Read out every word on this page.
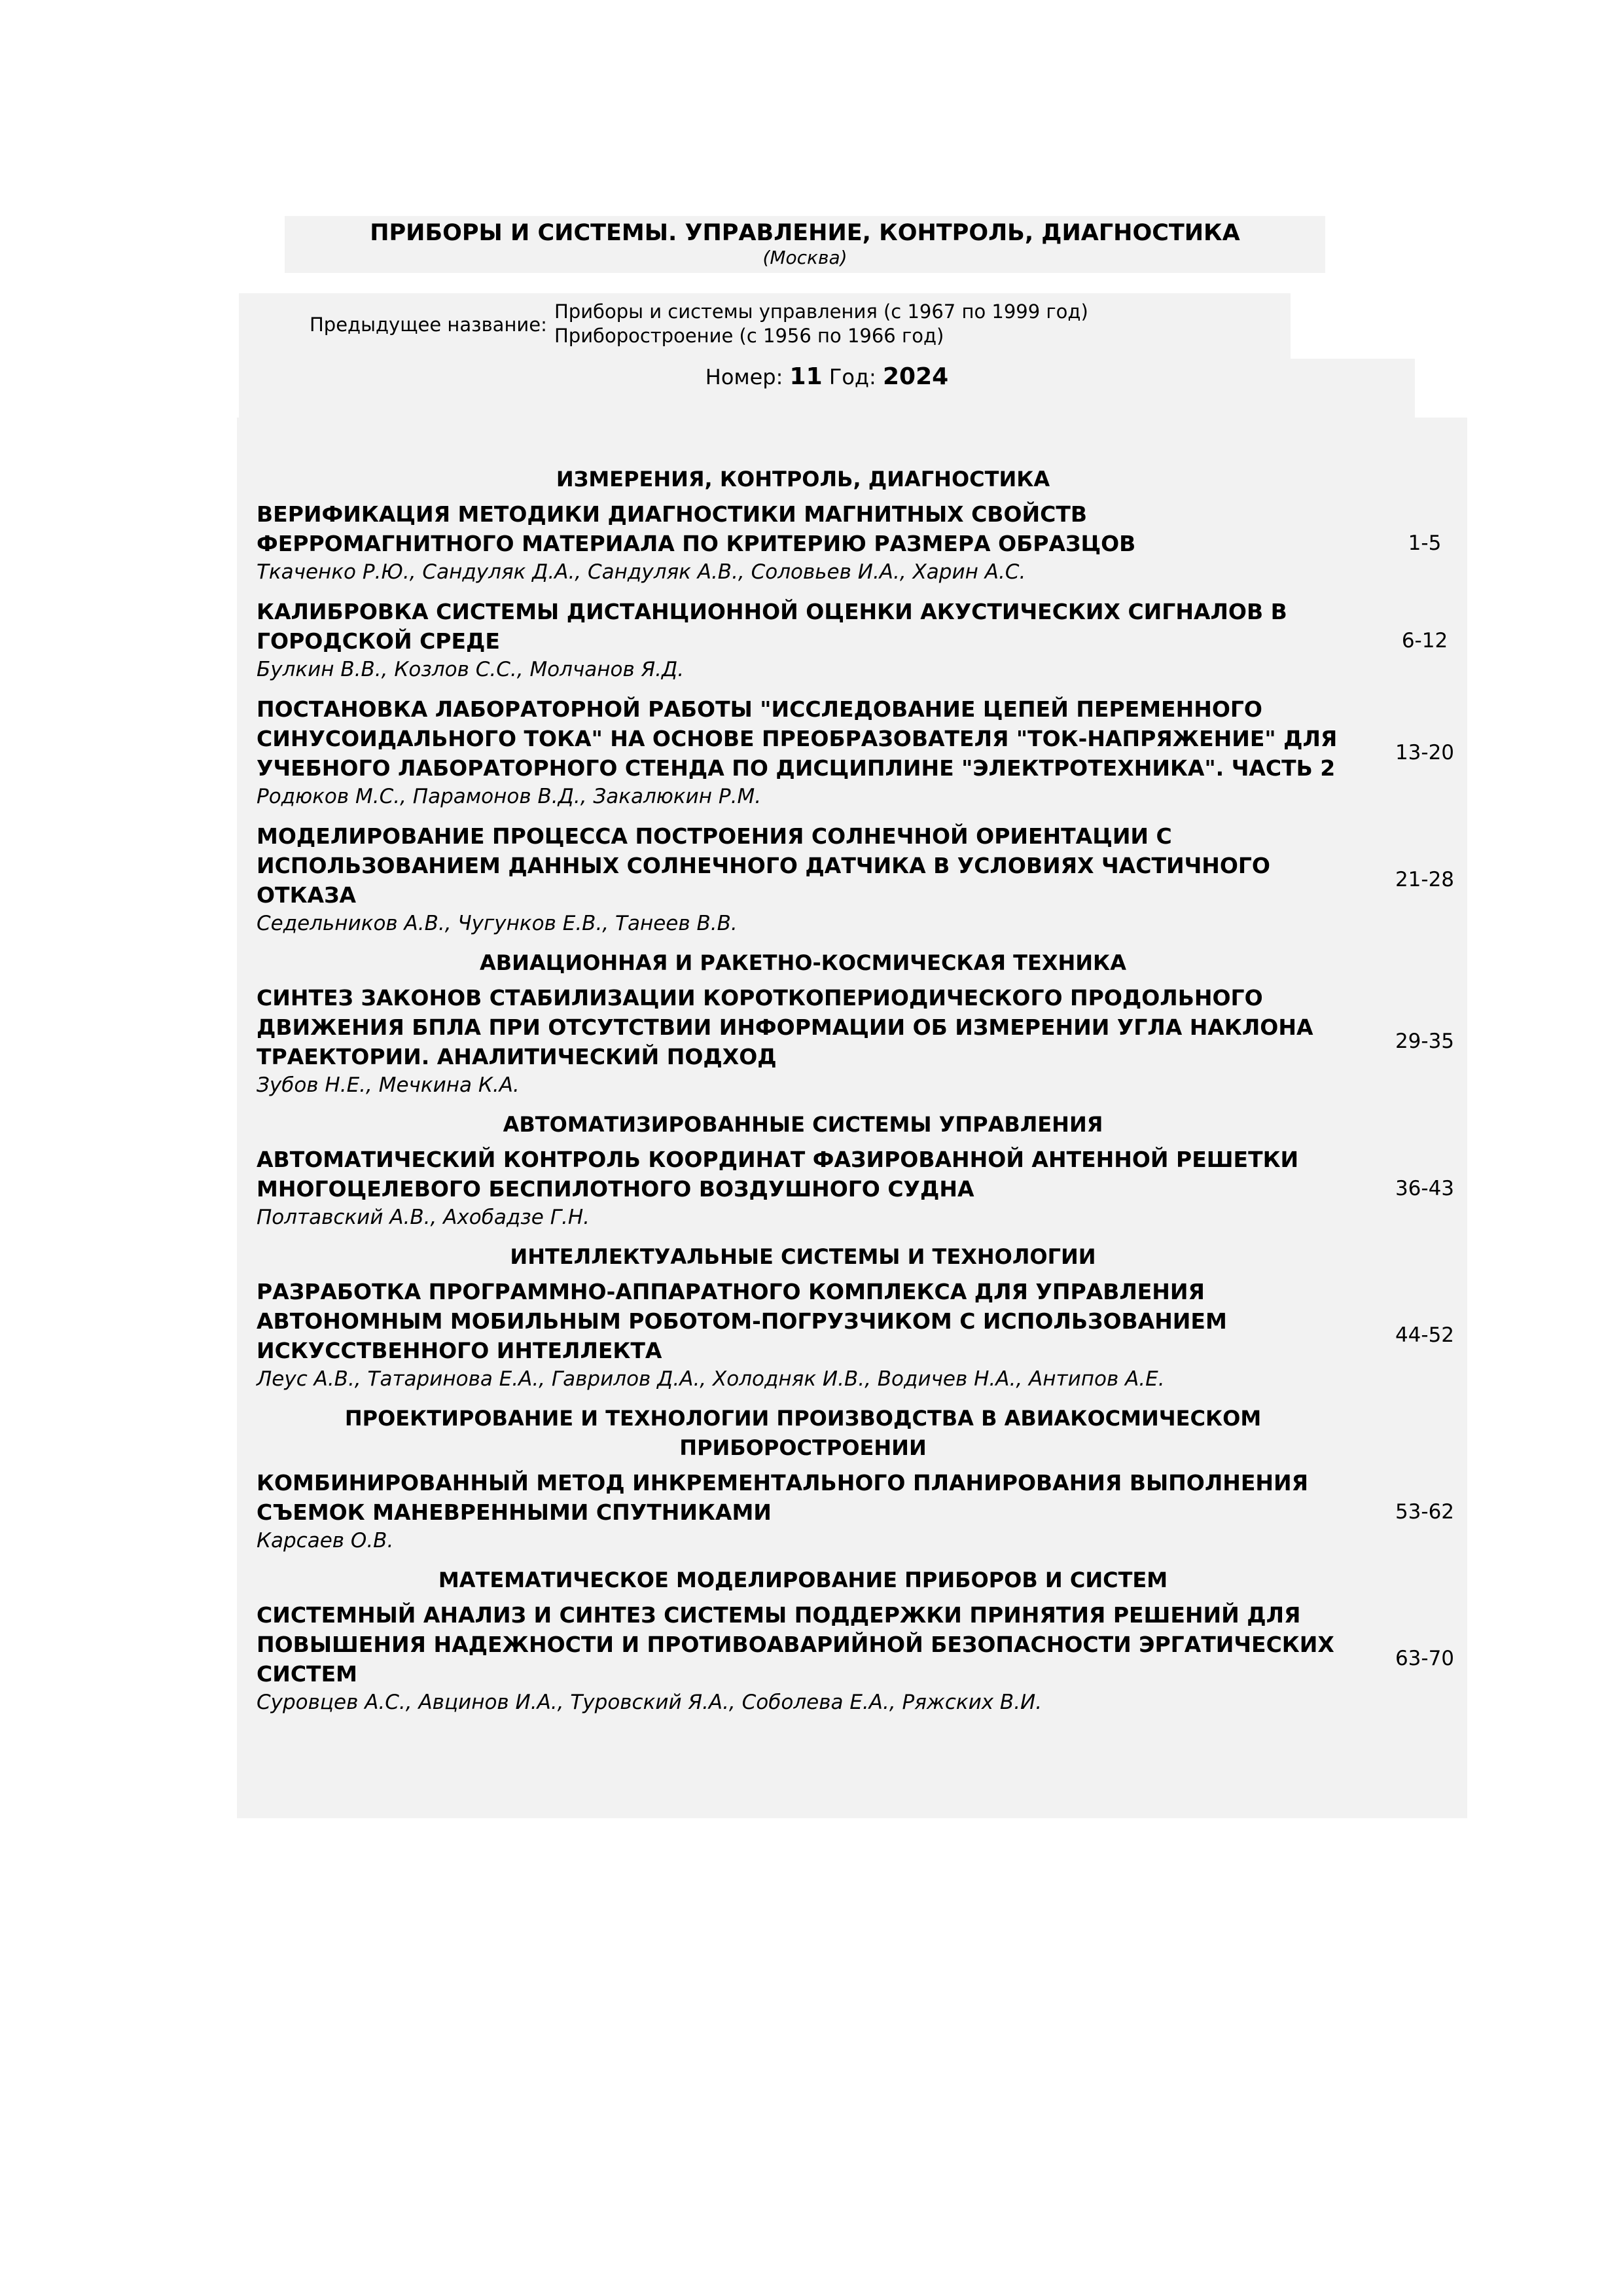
ПРИБОРЫ И СИСТЕМЫ. УПРАВЛЕНИЕ, КОНТРОЛЬ, ДИАГНОСТИКА
(Москва)
Предыдущее название:
Приборы и системы управления (с 1967 по 1999 год)
Приборостроение (с 1956 по 1966 год)
Номер: 11 Год: 2024
ИЗМЕРЕНИЯ, КОНТРОЛЬ, ДИАГНОСТИКА
ВЕРИФИКАЦИЯ МЕТОДИКИ ДИАГНОСТИКИ МАГНИТНЫХ СВОЙСТВ ФЕРРОМАГНИТНОГО МАТЕРИАЛА ПО КРИТЕРИЮ РАЗМЕРА ОБРАЗЦОВ
Ткаченко Р.Ю., Сандуляк Д.А., Сандуляк А.В., Соловьев И.А., Харин А.С.
1-5
КАЛИБРОВКА СИСТЕМЫ ДИСТАНЦИОННОЙ ОЦЕНКИ АКУСТИЧЕСКИХ СИГНАЛОВ В ГОРОДСКОЙ СРЕДЕ
Булкин В.В., Козлов С.С., Молчанов Я.Д.
6-12
ПОСТАНОВКА ЛАБОРАТОРНОЙ РАБОТЫ "ИССЛЕДОВАНИЕ ЦЕПЕЙ ПЕРЕМЕННОГО СИНУСОИДАЛЬНОГО ТОКА" НА ОСНОВЕ ПРЕОБРАЗОВАТЕЛЯ "ТОК-НАПРЯЖЕНИЕ" ДЛЯ УЧЕБНОГО ЛАБОРАТОРНОГО СТЕНДА ПО ДИСЦИПЛИНЕ "ЭЛЕКТРОТЕХНИКА". ЧАСТЬ 2
Родюков М.С., Парамонов В.Д., Закалюкин Р.М.
13-20
МОДЕЛИРОВАНИЕ ПРОЦЕССА ПОСТРОЕНИЯ СОЛНЕЧНОЙ ОРИЕНТАЦИИ С ИСПОЛЬЗОВАНИЕМ ДАННЫХ СОЛНЕЧНОГО ДАТЧИКА В УСЛОВИЯХ ЧАСТИЧНОГО ОТКАЗА
Седельников А.В., Чугунков Е.В., Танеев В.В.
21-28
АВИАЦИОННАЯ И РАКЕТНО-КОСМИЧЕСКАЯ ТЕХНИКА
СИНТЕЗ ЗАКОНОВ СТАБИЛИЗАЦИИ КОРОТКОПЕРИОДИЧЕСКОГО ПРОДОЛЬНОГО ДВИЖЕНИЯ БПЛА ПРИ ОТСУТСТВИИ ИНФОРМАЦИИ ОБ ИЗМЕРЕНИИ УГЛА НАКЛОНА ТРАЕКТОРИИ. АНАЛИТИЧЕСКИЙ ПОДХОД
Зубов Н.Е., Мечкина К.А.
29-35
АВТОМАТИЗИРОВАННЫЕ СИСТЕМЫ УПРАВЛЕНИЯ
АВТОМАТИЧЕСКИЙ КОНТРОЛЬ КООРДИНАТ ФАЗИРОВАННОЙ АНТЕННОЙ РЕШЕТКИ МНОГОЦЕЛЕВОГО БЕСПИЛОТНОГО ВОЗДУШНОГО СУДНА
Полтавский А.В., Ахобадзе Г.Н.
36-43
ИНТЕЛЛЕКТУАЛЬНЫЕ СИСТЕМЫ И ТЕХНОЛОГИИ
РАЗРАБОТКА ПРОГРАММНО-АППАРАТНОГО КОМПЛЕКСА ДЛЯ УПРАВЛЕНИЯ АВТОНОМНЫМ МОБИЛЬНЫМ РОБОТОМ-ПОГРУЗЧИКОМ С ИСПОЛЬЗОВАНИЕМ ИСКУССТВЕННОГО ИНТЕЛЛЕКТА
Леус А.В., Татаринова Е.А., Гаврилов Д.А., Холодняк И.В., Водичев Н.А., Антипов А.Е.
44-52
ПРОЕКТИРОВАНИЕ И ТЕХНОЛОГИИ ПРОИЗВОДСТВА В АВИАКОСМИЧЕСКОМ ПРИБОРОСТРОЕНИИ
КОМБИНИРОВАННЫЙ МЕТОД ИНКРЕМЕНТАЛЬНОГО ПЛАНИРОВАНИЯ ВЫПОЛНЕНИЯ СЪЕМОК МАНЕВРЕННЫМИ СПУТНИКАМИ
Карсаев О.В.
53-62
МАТЕМАТИЧЕСКОЕ МОДЕЛИРОВАНИЕ ПРИБОРОВ И СИСТЕМ
СИСТЕМНЫЙ АНАЛИЗ И СИНТЕЗ СИСТЕМЫ ПОДДЕРЖКИ ПРИНЯТИЯ РЕШЕНИЙ ДЛЯ ПОВЫШЕНИЯ НАДЕЖНОСТИ И ПРОТИВОАВАРИЙНОЙ БЕЗОПАСНОСТИ ЭРГАТИЧЕСКИХ СИСТЕМ
Суровцев А.С., Авцинов И.А., Туровский Я.А., Соболева Е.А., Ряжских В.И.
63-70
